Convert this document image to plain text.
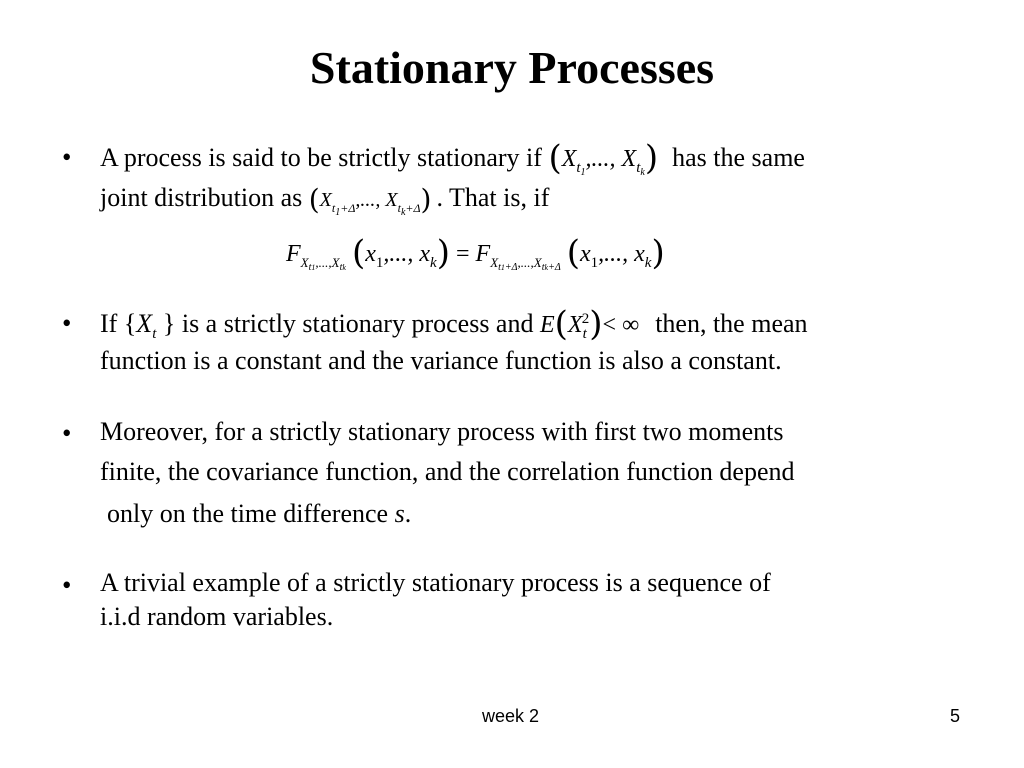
Stationary Processes
• A process is said to be strictly stationary if ($X_{t_1}$,..., $X_{t_k}$) has the same
joint distribution as ($X_{t_1+\Delta}$,..., $X_{t_k+\Delta}$) . That is, if
$F_{X_{t1},...,X_{tk}}$ ($x_1$,..., $x_k) = F_{X_{t1+\Delta},...,X_{tk+\Delta}}$ ($x_1$,..., $x_k$)
• If {$X_t$ } is a strictly stationary process and $E(X_t^2)<$ ∞ then, the mean
function is a constant and the variance function is also a constant.
• Moreover, for a strictly stationary process with first two moments
finite, the covariance function, and the correlation function depend
only on the time difference s.
• A trivial example of a strictly stationary process is a sequence of
i.i.d random variables.
week 2	5
